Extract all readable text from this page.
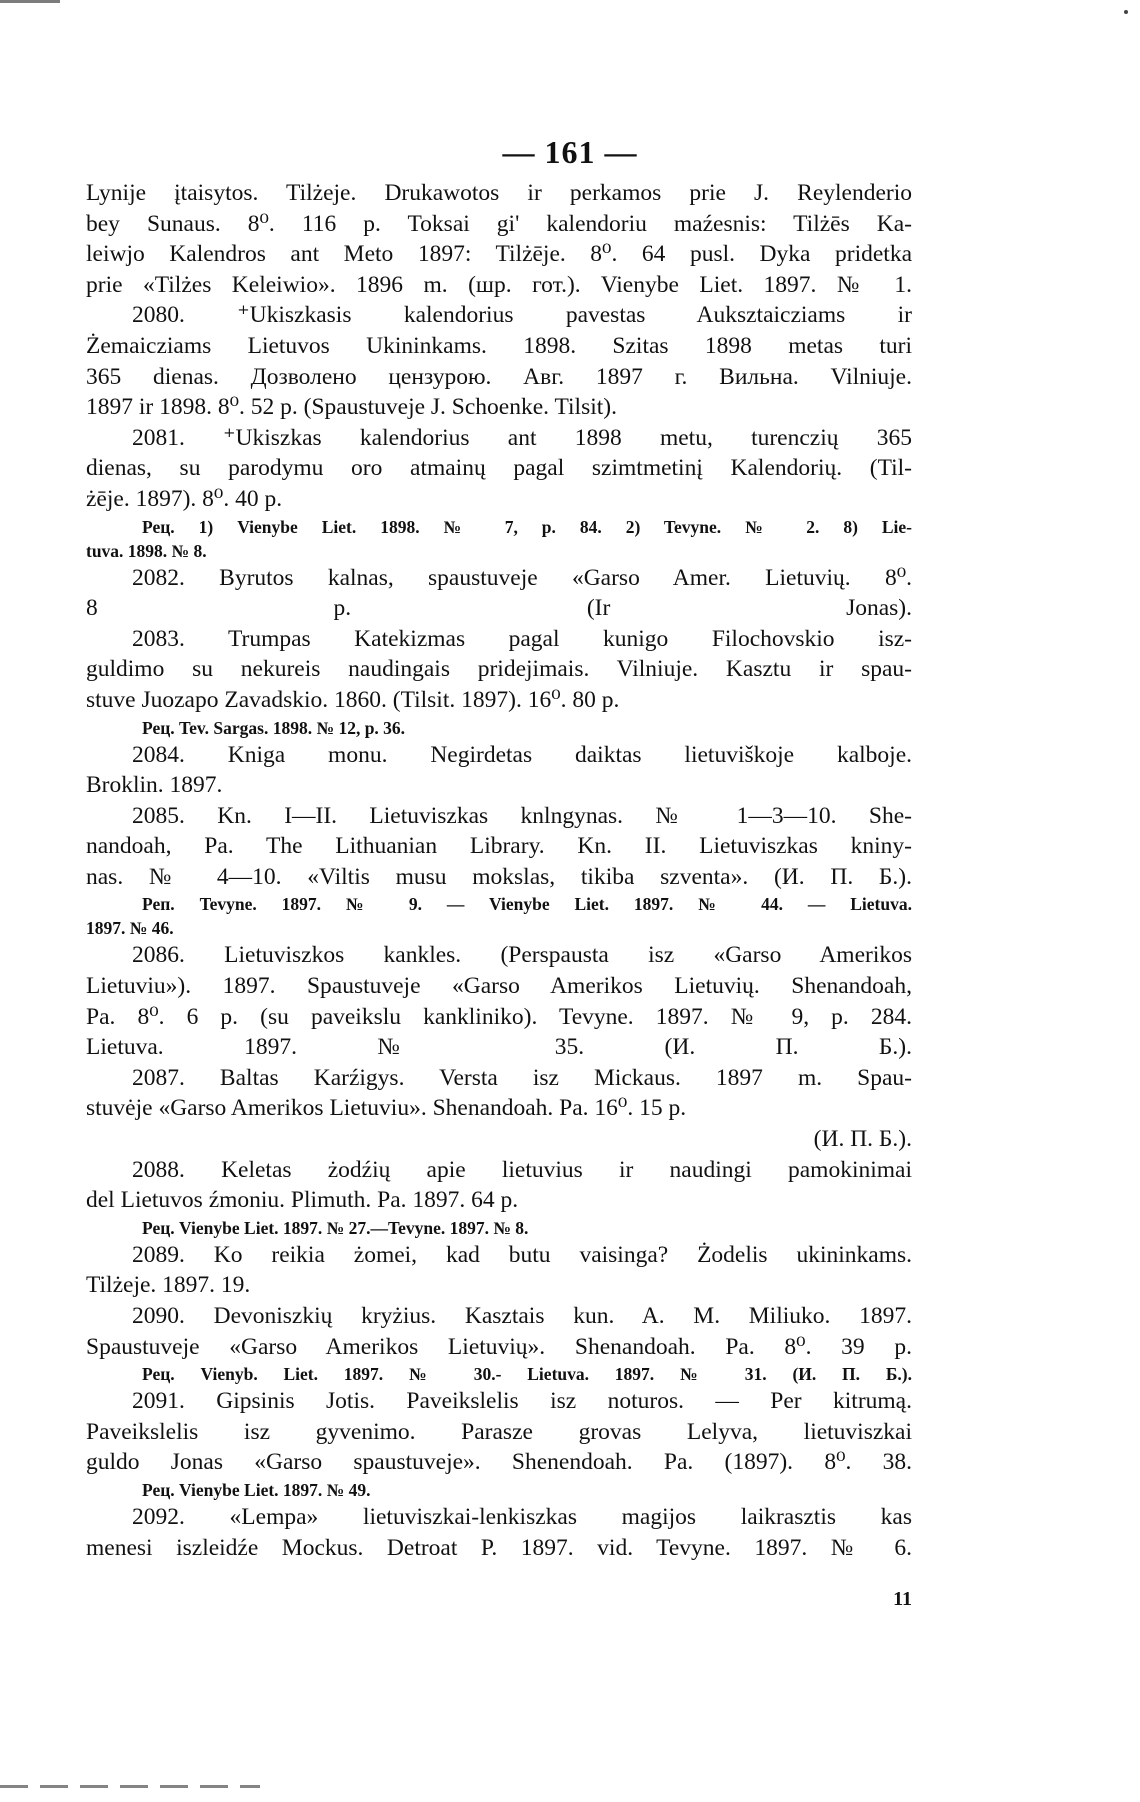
— 161 —
Lynije įtaisytos. Tilżeje. Drukawotos ir perkamos prie J. Reylenderio
bey Sunaus. 8⁰. 116 p. Toksai gi' kalendoriu maźesnis: Tilżēs Ka-
leiwjo Kalendros ant Meto 1897: Tilżēje. 8⁰. 64 pusl. Dyka pridetka
prie «Tilżes Keleiwio». 1896 m. (шр. гот.). Vienybe Liet. 1897. № 1.
2080. ⁺Ukiszkasis kalendorius pavestas Auksztaicziams ir
Żemaicziams Lietuvos Ukininkams. 1898. Szitas 1898 metas turi
365 dienas. Дозволено цензурою. Авг. 1897 г. Вильна. Vilniuje.
1897 ir 1898. 8⁰. 52 p. (Spaustuveje J. Schoenke. Tilsit).
2081. ⁺Ukiszkas kalendorius ant 1898 metu, turenczių 365
dienas, su parodymu oro atmainų pagal szimtmetinį Kalendorių. (Til-
żēje. 1897). 8⁰. 40 p.
Рец. 1) Vienybe Liet. 1898. № 7, p. 84. 2) Tevyne. № 2. 8) Lie-
tuva. 1898. № 8.
2082. Byrutos kalnas, spaustuveje «Garso Amer. Lietuvių. 8⁰.
8 p. (Ir Jonas).
2083. Trumpas Katekizmas pagal kunigo Filochovskio isz-
guldimo su nekureis naudingais pridejimais. Vilniuje. Kasztu ir spau-
stuve Juozapo Zavadskio. 1860. (Tilsit. 1897). 16⁰. 80 p.
Рец. Tev. Sargas. 1898. № 12, p. 36.
2084. Kniga monu. Negirdetas daiktas lietuviškoje kalboje.
Broklin. 1897.
2085. Kn. I—II. Lietuviszkas knlngynas. № 1—3—10. She-
nandoah, Pa. The Lithuanian Library. Kn. II. Lietuviszkas kniny-
nas. № 4—10. «Viltis musu mokslas, tikiba szventa». (И. П. Б.).
Реп. Tevyne. 1897. № 9. — Vienybe Liet. 1897. № 44. — Lietuva.
1897. № 46.
2086. Lietuviszkos kankles. (Perspausta isz «Garso Amerikos
Lietuviu»). 1897. Spaustuveje «Garso Amerikos Lietuvių. Shenandoah,
Pa. 8⁰. 6 p. (su paveikslu kankliniko). Tevyne. 1897. № 9, p. 284.
Lietuva. 1897. № 35. (И. П. Б.).
2087. Baltas Karźigys. Versta isz Mickaus. 1897 m. Spau-
stuvėje «Garso Amerikos Lietuviu». Shenandoah. Pa. 16⁰. 15 p.
(И. П. Б.).
2088. Keletas żodźių apie lietuvius ir naudingi pamokinimai
del Lietuvos źmoniu. Plimuth. Pa. 1897. 64 p.
Рец. Vienybe Liet. 1897. № 27.—Tevyne. 1897. № 8.
2089. Ko reikia żomei, kad butu vaisinga? Żodelis ukininkams.
Tilżeje. 1897. 19.
2090. Devoniszkių kryżius. Kasztais kun. A. M. Miliuko. 1897.
Spaustuveje «Garso Amerikos Lietuvių». Shenandoah. Pa. 8⁰. 39 p.
Рец. Vienyb. Liet. 1897. № 30.- Lietuva. 1897. № 31. (И. П. Б.).
2091. Gipsinis Jotis. Paveikslelis isz noturos. — Per kitrumą.
Paveikslelis isz gyvenimo. Parasze grovas Lelyva, lietuviszkai
guldo Jonas «Garso spaustuveje». Shenendoah. Pa. (1897). 8⁰. 38.
Рец. Vienybe Liet. 1897. № 49.
2092. «Lempa» lietuviszkai-lenkiszkas magijos laikrasztis kas
menesi iszleidźe Mockus. Detroat P. 1897. vid. Tevyne. 1897. № 6.
11
